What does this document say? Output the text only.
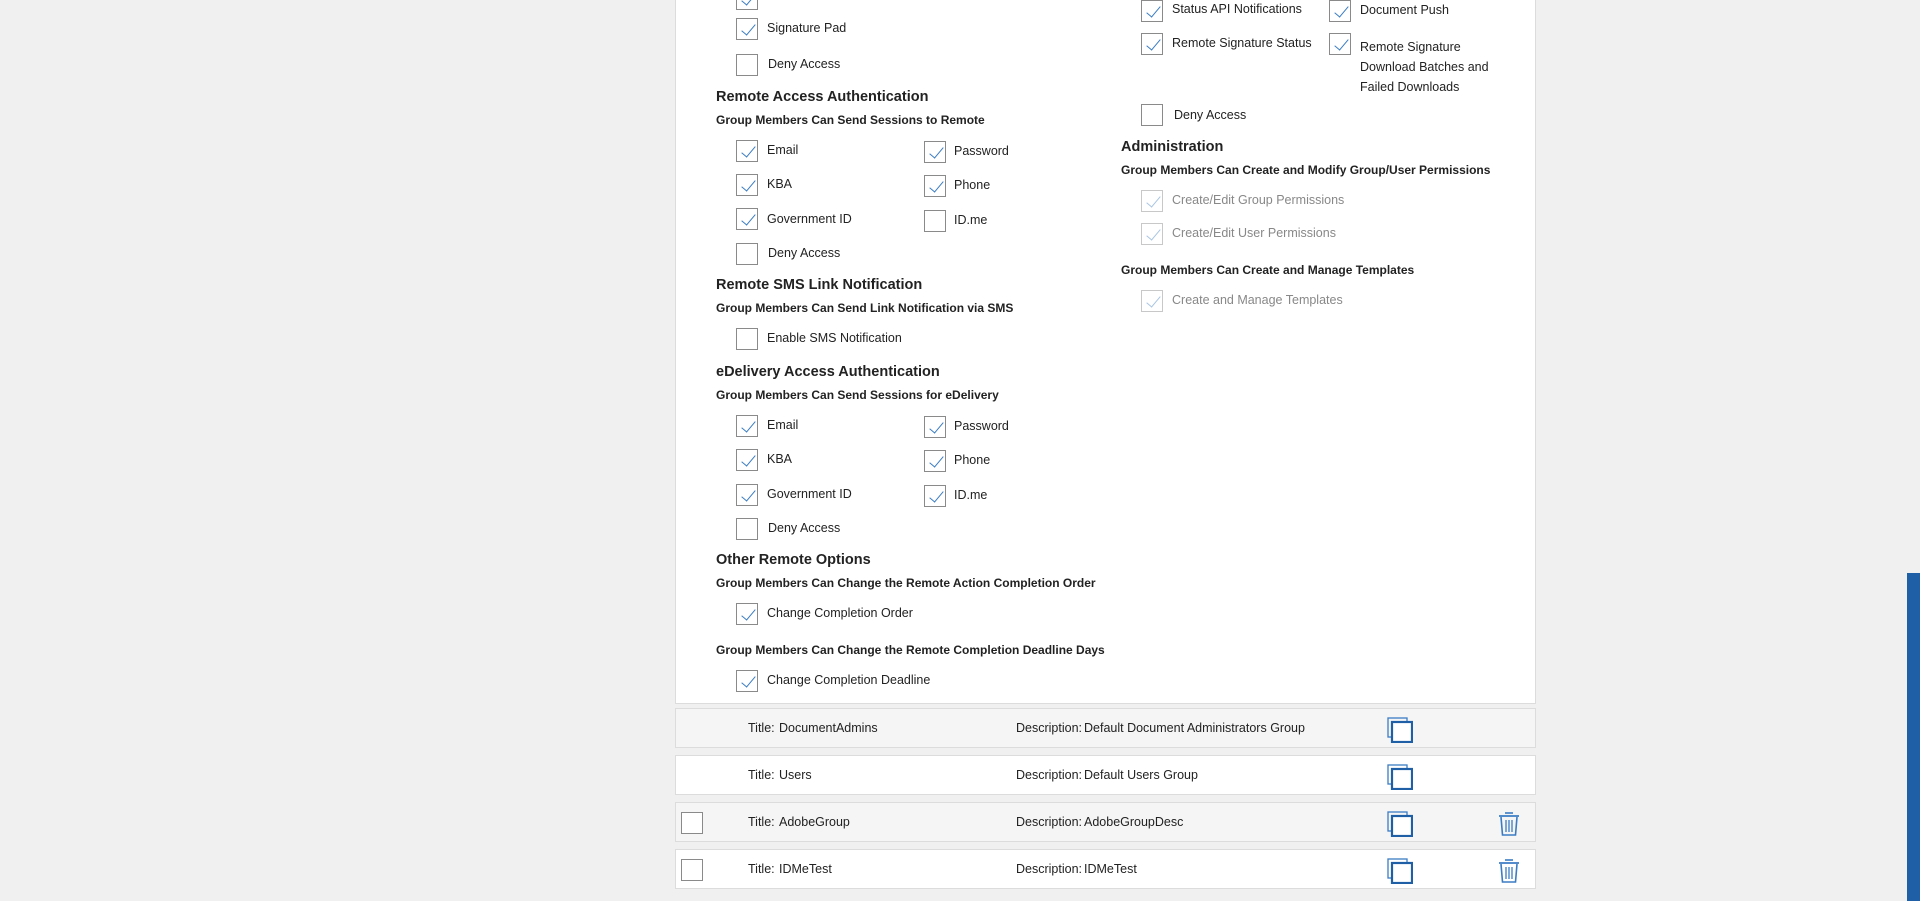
Signature Pad
Deny Access
Remote Access Authentication
Group Members Can Send Sessions to Remote
Email	Password
KBA	Phone
Government ID	ID.me
Deny Access
Remote SMS Link Notification
Group Members Can Send Link Notification via SMS
Enable SMS Notification
eDelivery Access Authentication
Group Members Can Send Sessions for eDelivery
Email	Password
KBA	Phone
Government ID	ID.me
Deny Access
Other Remote Options
Group Members Can Change the Remote Action Completion Order
Change Completion Order
Group Members Can Change the Remote Completion Deadline Days
Change Completion Deadline
Status API Notifications	Document Push
Remote Signature Status	Remote Signature
Download Batches and
Failed Downloads
Deny Access
Administration
Group Members Can Create and Modify Group/User Permissions
Create/Edit Group Permissions
Create/Edit User Permissions
Group Members Can Create and Manage Templates
Create and Manage Templates
Title: DocumentAdmins	Description: Default Document Administrators Group
Title: Users	Description: Default Users Group
Title: AdobeGroup	Description: AdobeGroupDesc
Title: IDMeTest	Description: IDMeTest
